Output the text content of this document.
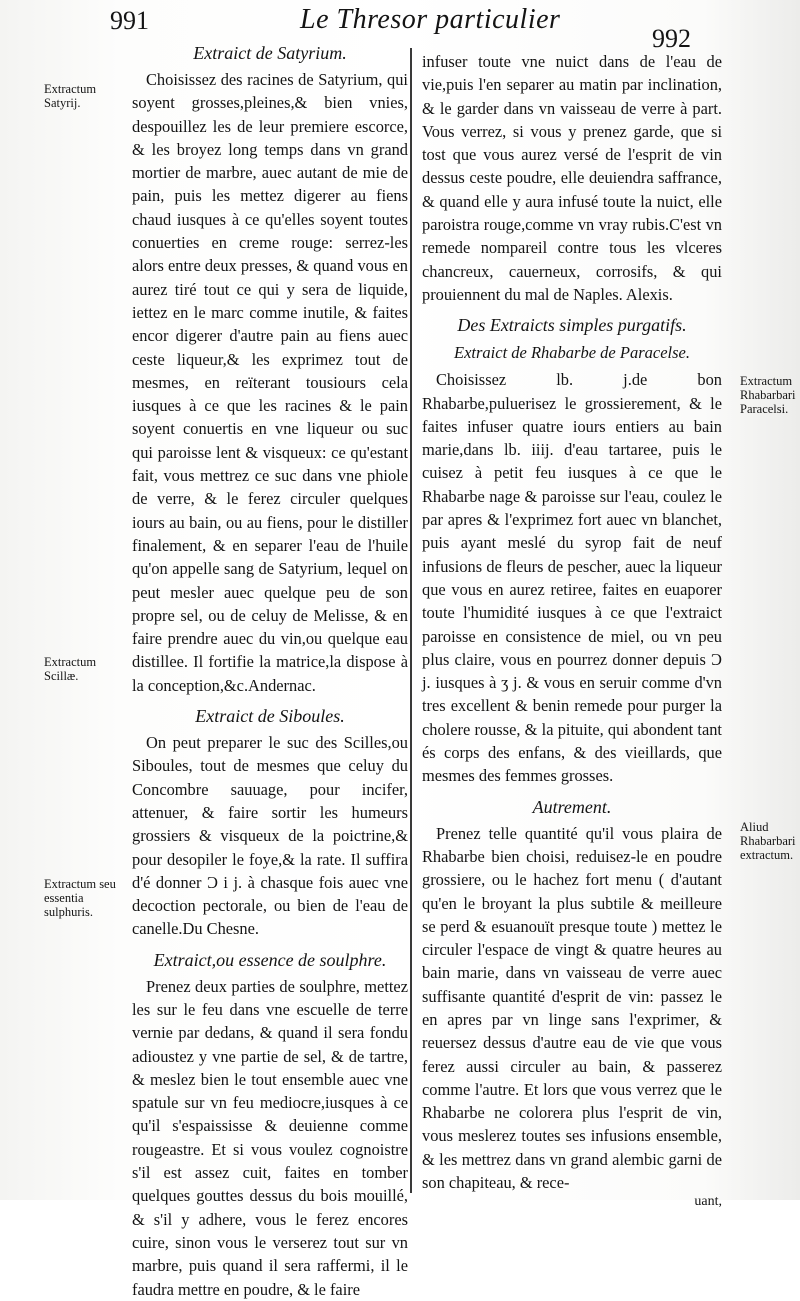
991	Le Thresor particulier
992
Extractum Satyrij.
Extractum Scillæ.
Extractum seu essentia sulphuris.
Extractum Rhabarbari Paracelsi.
Aliud Rhabarbari extractum.
Extraict de Satyrium.

Choisissez des racines de Satyrium, qui soyent grosses,pleines,& bien vnies, despouillez les de leur premiere escorce, & les broyez long temps dans vn grand mortier de marbre, auec autant de mie de pain, puis les mettez digerer au fiens chaud iusques à ce qu'elles soyent toutes conuerties en creme rouge: serrez-les alors entre deux presses, & quand vous en aurez tiré tout ce qui y sera de liquide, iettez en le marc comme inutile, & faites encor digerer d'autre pain au fiens auec ceste liqueur,& les exprimez tout de mesmes, en reïterant tousiours cela iusques à ce que les racines & le pain soyent conuertis en vne liqueur ou suc qui paroisse lent & visqueux: ce qu'estant fait, vous mettrez ce suc dans vne phiole de verre, & le ferez circuler quelques iours au bain, ou au fiens, pour le distiller finalement, & en separer l'eau de l'huile qu'on appelle sang de Satyrium, lequel on peut mesler auec quelque peu de son propre sel, ou de celuy de Melisse, & en faire prendre auec du vin,ou quelque eau distillee. Il fortifie la matrice,la dispose à la conception,&c.Andernac.

Extraict de Siboules.

On peut preparer le suc des Scilles,ou Siboules, tout de mesmes que celuy du Concombre sauuage, pour incifer, attenuer, & faire sortir les humeurs grossiers & visqueux de la poictrine,& pour desopiler le foye,& la rate. Il suffira d'é donner Ɔ i j. à chasque fois auec vne decoction pectorale, ou bien de l'eau de canelle.Du Chesne.

Extraict,ou essence de soulphre.

Prenez deux parties de soulphre, mettez les sur le feu dans vne escuelle de terre vernie par dedans, & quand il sera fondu adioustez y vne partie de sel, & de tartre, & meslez bien le tout ensemble auec vne spatule sur vn feu mediocre,iusques à ce qu'il s'espaississe & deuienne comme rougeastre. Et si vous voulez cognoistre s'il est assez cuit, faites en tomber quelques gouttes dessus du bois mouillé, & s'il y adhere, vous le ferez encores cuire, sinon vous le verserez tout sur vn marbre, puis quand il sera raffermi, il le faudra mettre en poudre, & le faire

infuser toute vne nuict dans de l'eau de vie,puis l'en separer au matin par inclination, & le garder dans vn vaisseau de verre à part. Vous verrez, si vous y prenez garde, que si tost que vous aurez versé de l'esprit de vin dessus ceste poudre, elle deuiendra saffrance, & quand elle y aura infusé toute la nuict, elle paroistra rouge,comme vn vray rubis.C'est vn remede nompareil contre tous les vlceres chancreux, cauerneux, corrosifs, & qui prouiennent du mal de Naples. Alexis.

Des Extraicts simples purgatifs.
Extraict de Rhabarbe de Paracelse.

Choisissez lb. j.de bon Rhabarbe,puluerisez le grossierement, & le faites infuser quatre iours entiers au bain marie,dans lb. iiij. d'eau tartaree, puis le cuisez à petit feu iusques à ce que le Rhabarbe nage & paroisse sur l'eau, coulez le par apres & l'exprimez fort auec vn blanchet, puis ayant meslé du syrop fait de neuf infusions de fleurs de pescher, auec la liqueur que vous en aurez retiree, faites en euaporer toute l'humidité iusques à ce que l'extraict paroisse en consistence de miel, ou vn peu plus claire, vous en pourrez donner depuis Ɔ j. iusques à ʒ j. & vous en seruir comme d'vn tres excellent & benin remede pour purger la cholere rousse, & la pituite, qui abondent tant és corps des enfans, & des vieillards, que mesmes des femmes grosses.

Autrement.

Prenez telle quantité qu'il vous plaira de Rhabarbe bien choisi, reduisez-le en poudre grossiere, ou le hachez fort menu ( d'autant qu'en le broyant la plus subtile & meilleure se perd & esuanouït presque toute ) mettez le circuler l'espace de vingt & quatre heures au bain marie, dans vn vaisseau de verre auec suffisante quantité d'esprit de vin: passez le en apres par vn linge sans l'exprimer, & reuersez dessus d'autre eau de vie que vous ferez aussi circuler au bain, & passerez comme l'autre. Et lors que vous verrez que le Rhabarbe ne colorera plus l'esprit de vin, vous meslerez toutes ses infusions ensemble, & les mettrez dans vn grand alembic garni de son chapiteau, & rece-

uant,
